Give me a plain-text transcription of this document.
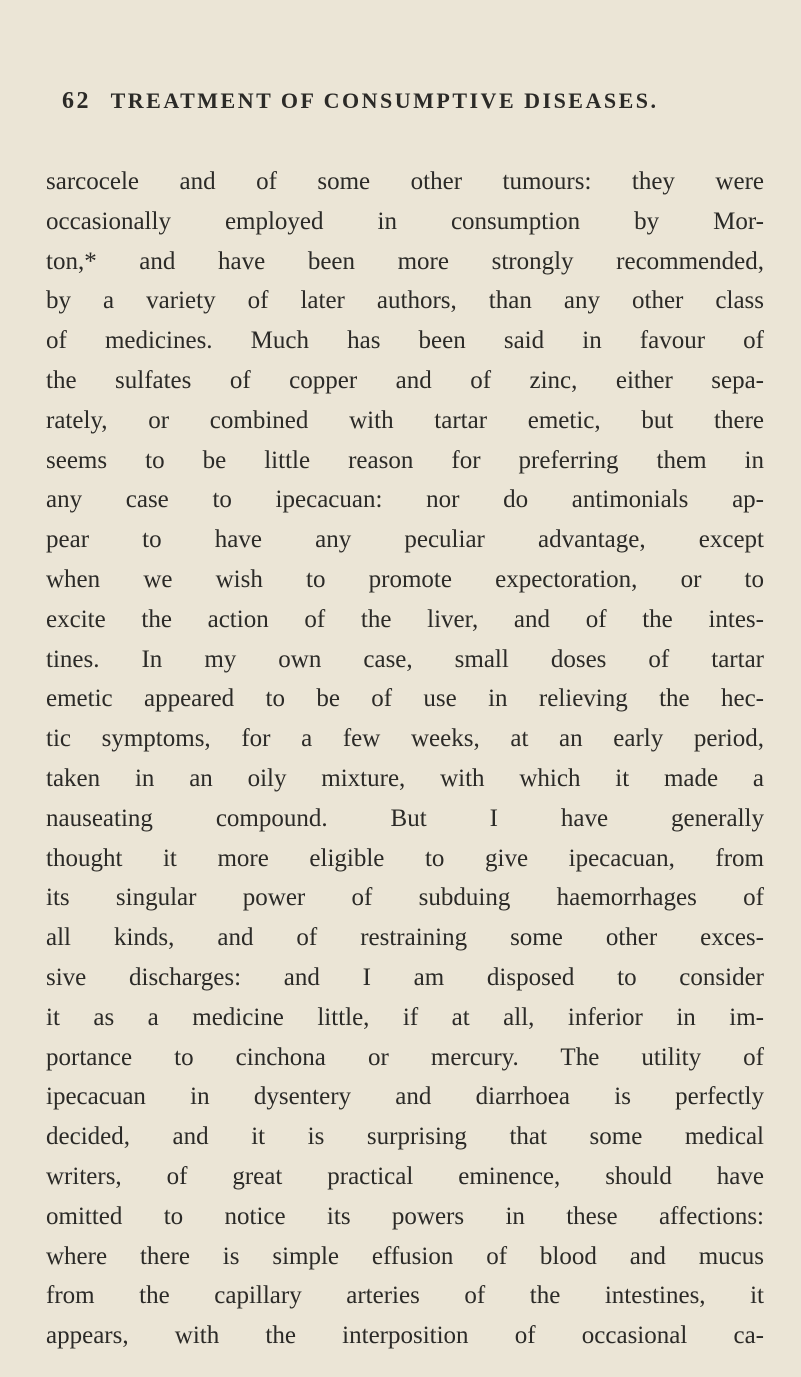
62 TREATMENT OF CONSUMPTIVE DISEASES.
sarcocele and of some other tumours: they were
occasionally employed in consumption by Mor-
ton,* and have been more strongly recommended,
by a variety of later authors, than any other class
of medicines. Much has been said in favour of
the sulfates of copper and of zinc, either sepa-
rately, or combined with tartar emetic, but there
seems to be little reason for preferring them in
any case to ipecacuan: nor do antimonials ap-
pear to have any peculiar advantage, except
when we wish to promote expectoration, or to
excite the action of the liver, and of the intes-
tines. In my own case, small doses of tartar
emetic appeared to be of use in relieving the hec-
tic symptoms, for a few weeks, at an early period,
taken in an oily mixture, with which it made a
nauseating compound. But I have generally
thought it more eligible to give ipecacuan, from
its singular power of subduing haemorrhages of
all kinds, and of restraining some other exces-
sive discharges: and I am disposed to consider
it as a medicine little, if at all, inferior in im-
portance to cinchona or mercury. The utility of
ipecacuan in dysentery and diarrhoea is perfectly
decided, and it is surprising that some medical
writers, of great practical eminence, should have
omitted to notice its powers in these affections:
where there is simple effusion of blood and mucus
from the capillary arteries of the intestines, it
appears, with the interposition of occasional ca-
